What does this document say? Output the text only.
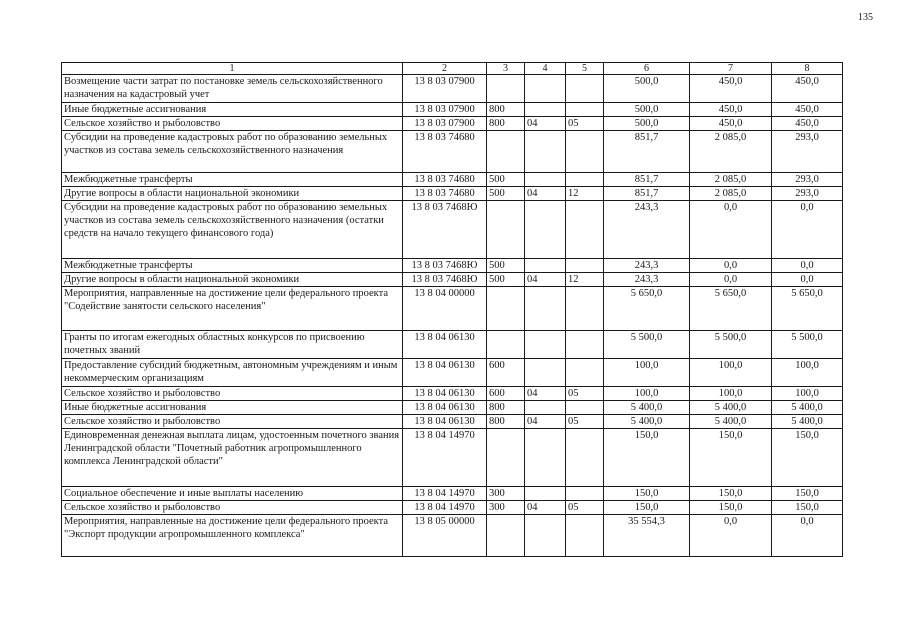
135
1	2	3	4	5	6	7	8
Возмещение части затрат по постановке земель сельскохозяйственного назначения на кадастровый учет	13 8 03 07900				500,0	450,0	450,0
Иные бюджетные ассигнования	13 8 03 07900	800			500,0	450,0	450,0
Сельское хозяйство и рыболовство	13 8 03 07900	800	04	05	500,0	450,0	450,0
Субсидии на проведение кадастровых работ по образованию земельных участков из состава земель сельскохозяйственного назначения	13 8 03 74680				851,7	2 085,0	293,0
Межбюджетные трансферты	13 8 03 74680	500			851,7	2 085,0	293,0
Другие вопросы в области национальной экономики	13 8 03 74680	500	04	12	851,7	2 085,0	293,0
Субсидии на проведение кадастровых работ по образованию земельных участков из состава земель сельскохозяйственного назначения (остатки средств на начало текущего финансового года)	13 8 03 7468Ю				243,3	0,0	0,0
Межбюджетные трансферты	13 8 03 7468Ю	500			243,3	0,0	0,0
Другие вопросы в области национальной экономики	13 8 03 7468Ю	500	04	12	243,3	0,0	0,0
Мероприятия, направленные на достижение цели федерального проекта "Содействие занятости сельского населения"	13 8 04 00000				5 650,0	5 650,0	5 650,0
Гранты по итогам ежегодных областных конкурсов по присвоению почетных званий	13 8 04 06130				5 500,0	5 500,0	5 500,0
Предоставление субсидий бюджетным, автономным учреждениям и иным некоммерческим организациям	13 8 04 06130	600			100,0	100,0	100,0
Сельское хозяйство и рыболовство	13 8 04 06130	600	04	05	100,0	100,0	100,0
Иные бюджетные ассигнования	13 8 04 06130	800			5 400,0	5 400,0	5 400,0
Сельское хозяйство и рыболовство	13 8 04 06130	800	04	05	5 400,0	5 400,0	5 400,0
Единовременная денежная выплата лицам, удостоенным почетного звания Ленинградской области "Почетный работник агропромышленного комплекса Ленинградской области"	13 8 04 14970				150,0	150,0	150,0
Социальное обеспечение и иные выплаты населению	13 8 04 14970	300			150,0	150,0	150,0
Сельское хозяйство и рыболовство	13 8 04 14970	300	04	05	150,0	150,0	150,0
Мероприятия, направленные на достижение цели федерального проекта "Экспорт продукции агропромышленного комплекса"	13 8 05 00000				35 554,3	0,0	0,0
